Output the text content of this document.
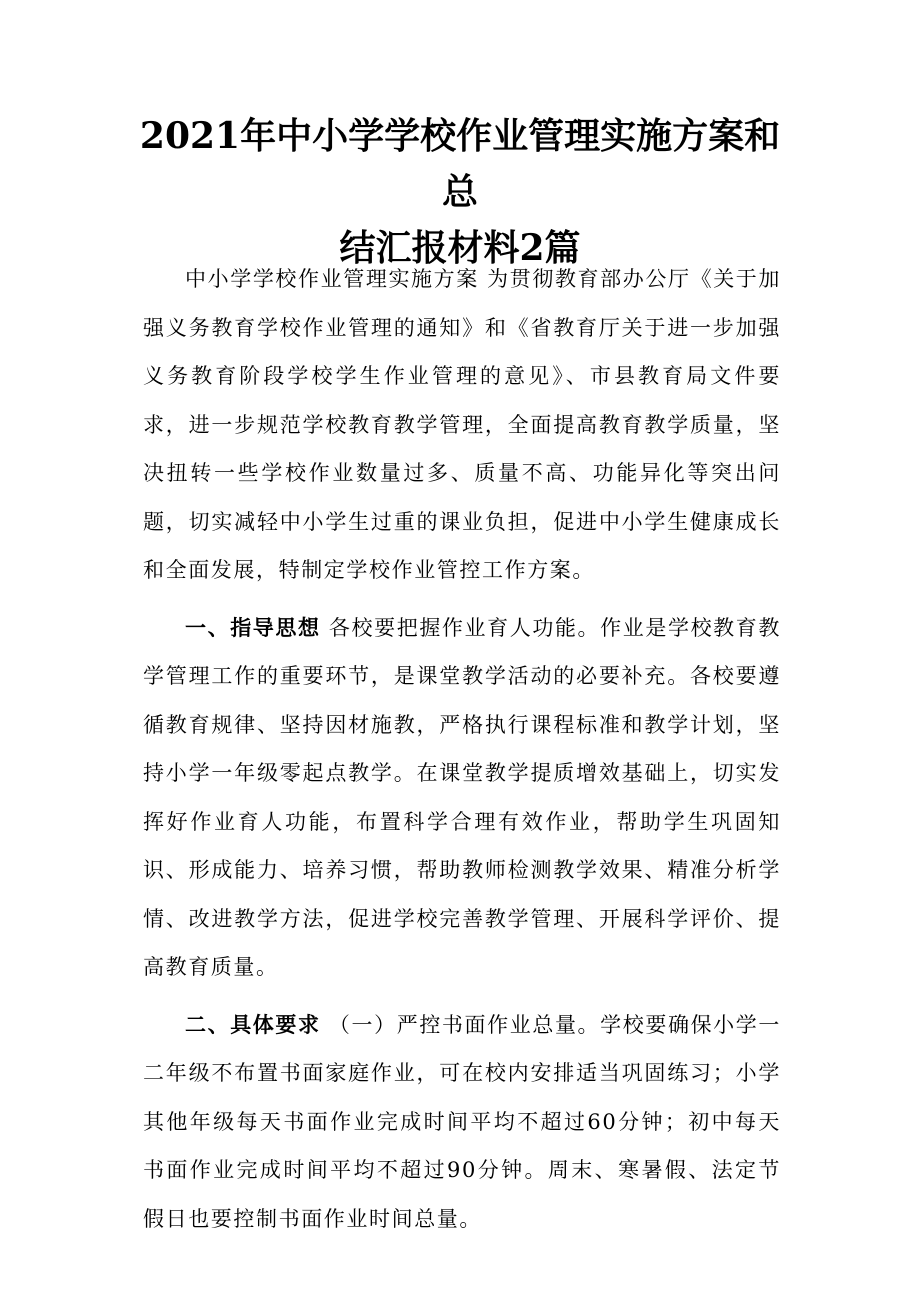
2021年中小学学校作业管理实施方案和总
结汇报材料2篇

中小学学校作业管理实施方案 为贯彻教育部办公厅《关于加强义务教育学校作业管理的通知》和《省教育厅关于进一步加强义务教育阶段学校学生作业管理的意见》、市县教育局文件要求，进一步规范学校教育教学管理，全面提高教育教学质量，坚决扭转一些学校作业数量过多、质量不高、功能异化等突出问题，切实减轻中小学生过重的课业负担，促进中小学生健康成长和全面发展，特制定学校作业管控工作方案。

一、指导思想 各校要把握作业育人功能。作业是学校教育教学管理工作的重要环节，是课堂教学活动的必要补充。各校要遵循教育规律、坚持因材施教，严格执行课程标准和教学计划，坚持小学一年级零起点教学。在课堂教学提质增效基础上，切实发挥好作业育人功能，布置科学合理有效作业，帮助学生巩固知识、形成能力、培养习惯，帮助教师检测教学效果、精准分析学情、改进教学方法，促进学校完善教学管理、开展科学评价、提高教育质量。

二、具体要求 （一）严控书面作业总量。学校要确保小学一二年级不布置书面家庭作业，可在校内安排适当巩固练习；小学其他年级每天书面作业完成时间平均不超过60分钟；初中每天书面作业完成时间平均不超过90分钟。周末、寒暑假、法定节假日也要控制书面作业时间总量。
